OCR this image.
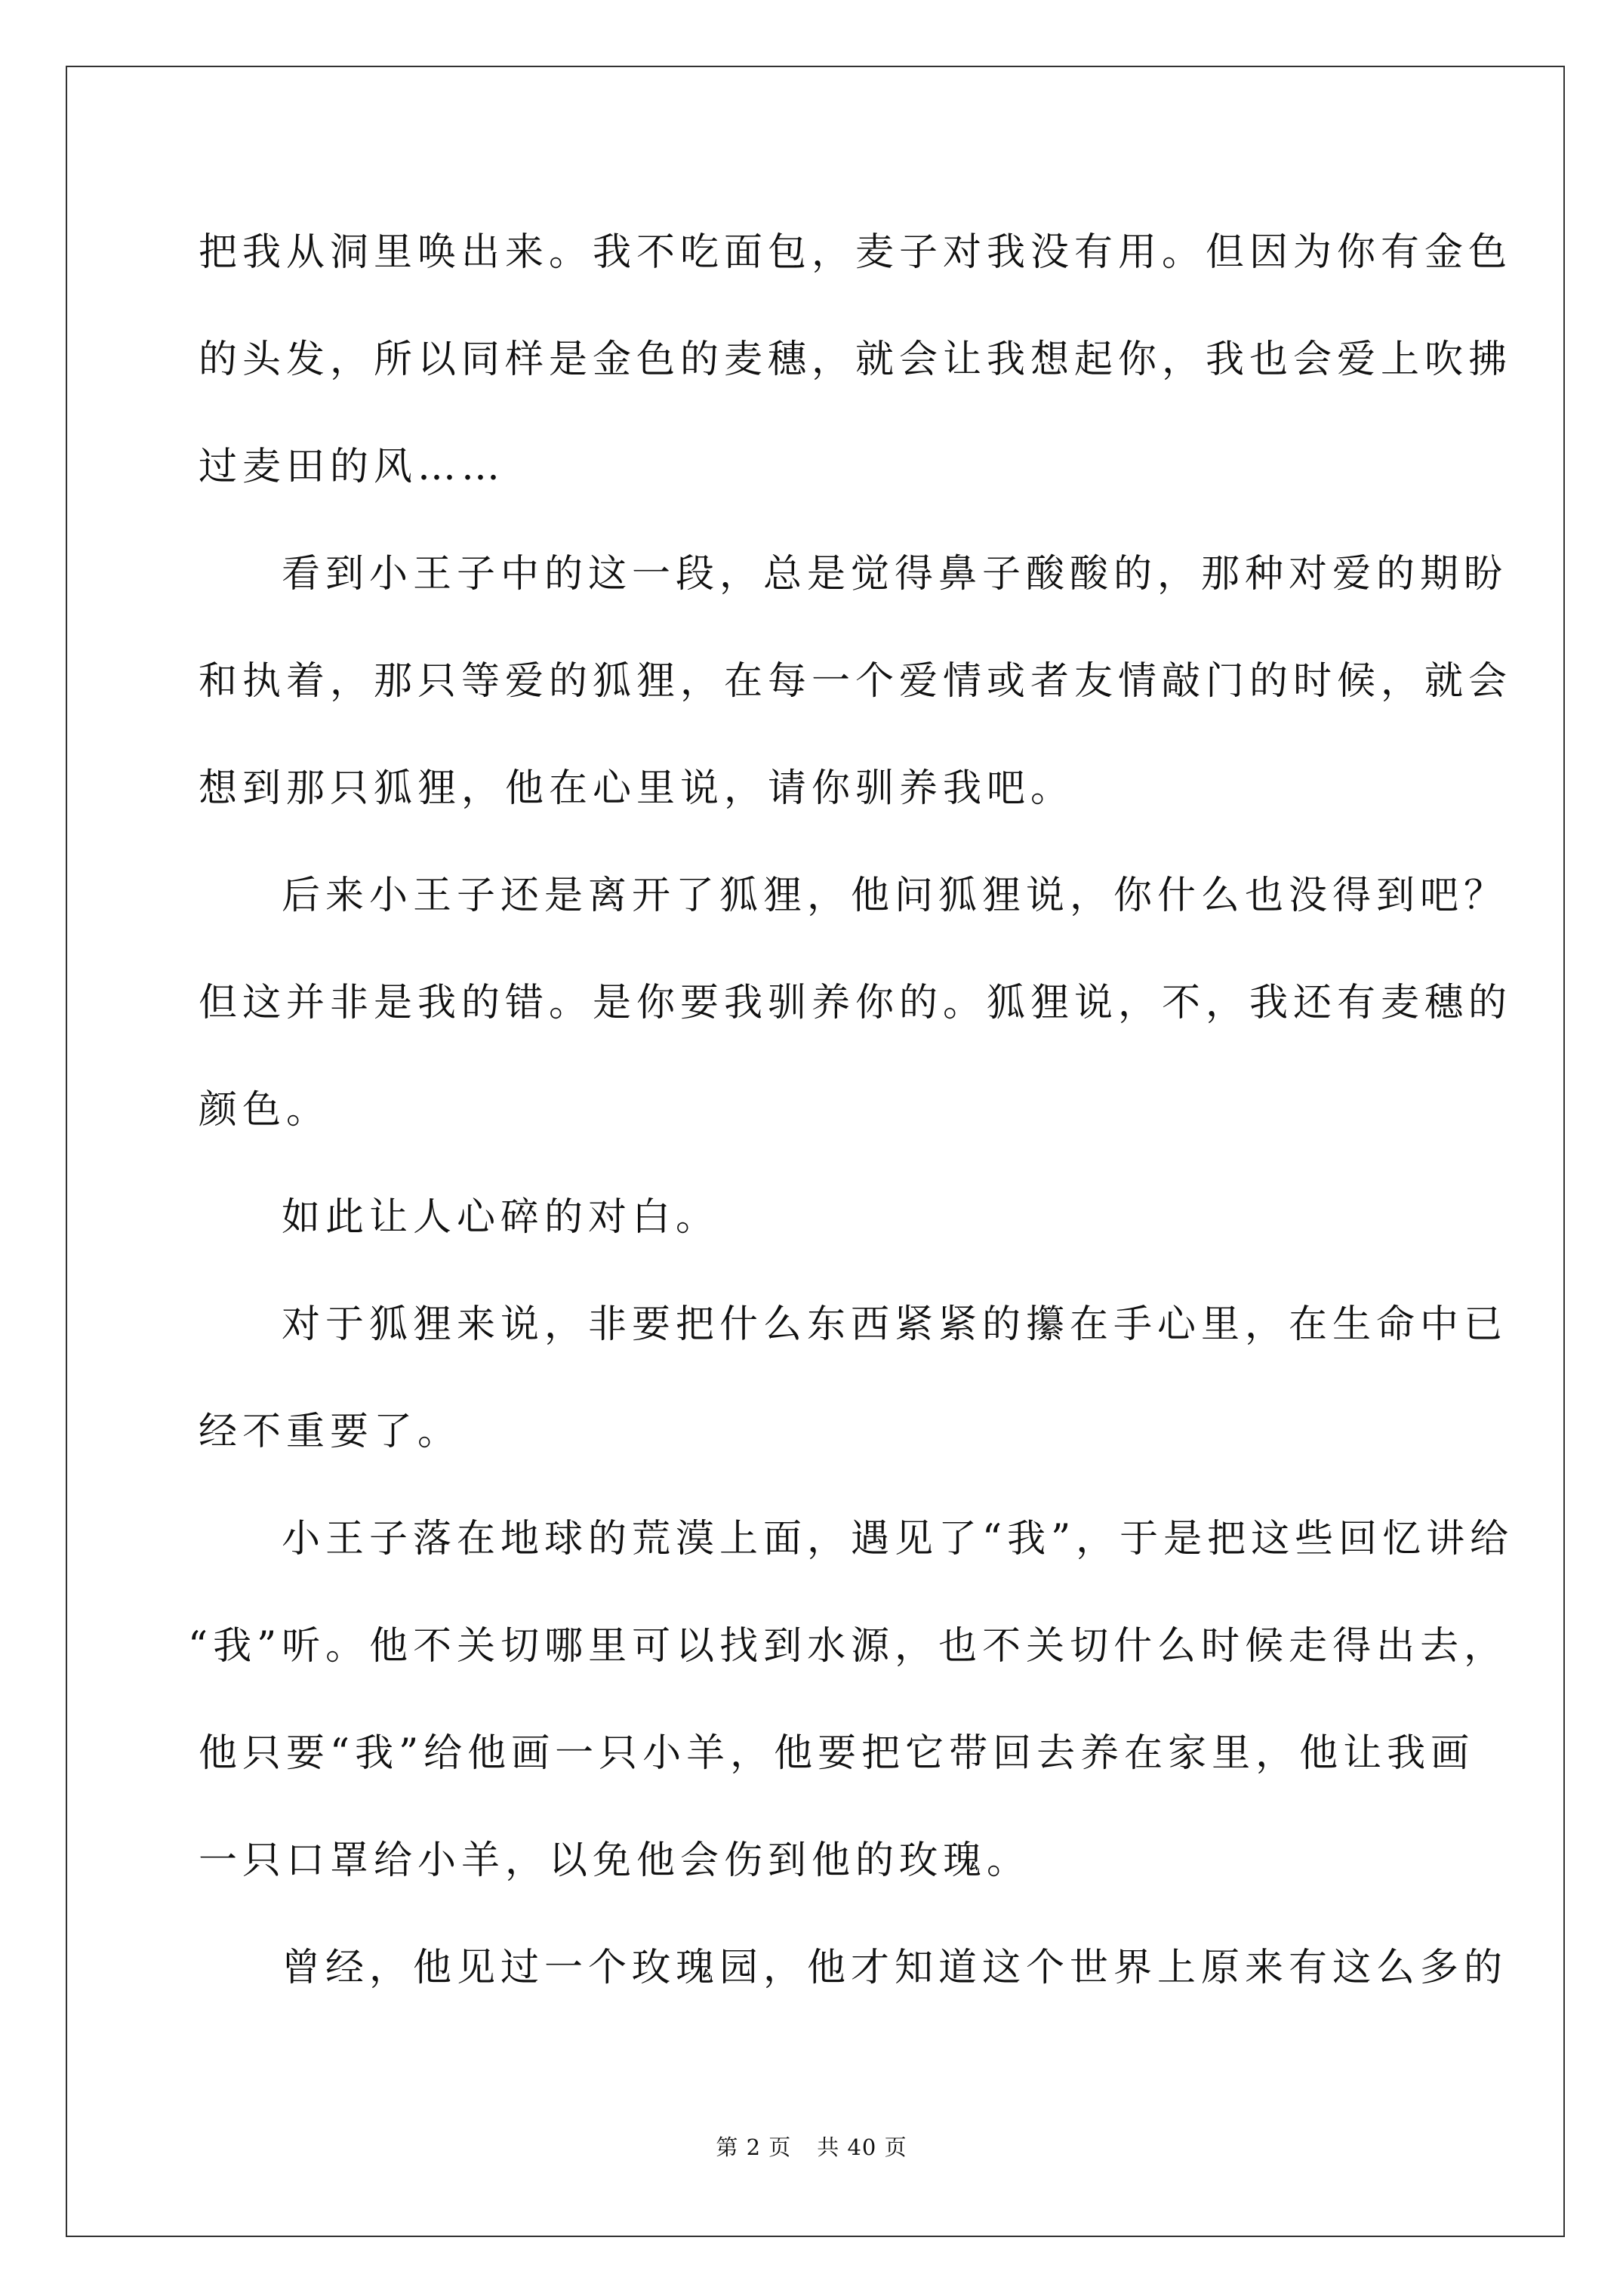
把我从洞里唤出来。我不吃面包，麦子对我没有用。但因为你有金色
的头发，所以同样是金色的麦穗，就会让我想起你，我也会爱上吹拂
过麦田的风……
看到小王子中的这一段，总是觉得鼻子酸酸的，那种对爱的期盼
和执着，那只等爱的狐狸，在每一个爱情或者友情敲门的时候，就会
想到那只狐狸，他在心里说，请你驯养我吧。
后来小王子还是离开了狐狸，他问狐狸说，你什么也没得到吧？
但这并非是我的错。是你要我驯养你的。狐狸说，不，我还有麦穗的
颜色。
如此让人心碎的对白。
对于狐狸来说，非要把什么东西紧紧的攥在手心里，在生命中已
经不重要了。
小王子落在地球的荒漠上面，遇见了“我”，于是把这些回忆讲给
“我”听。他不关切哪里可以找到水源，也不关切什么时候走得出去，
他只要“我”给他画一只小羊，他要把它带回去养在家里，他让我画
一只口罩给小羊，以免他会伤到他的玫瑰。
曾经，他见过一个玫瑰园，他才知道这个世界上原来有这么多的
第 2 页 共 40 页
